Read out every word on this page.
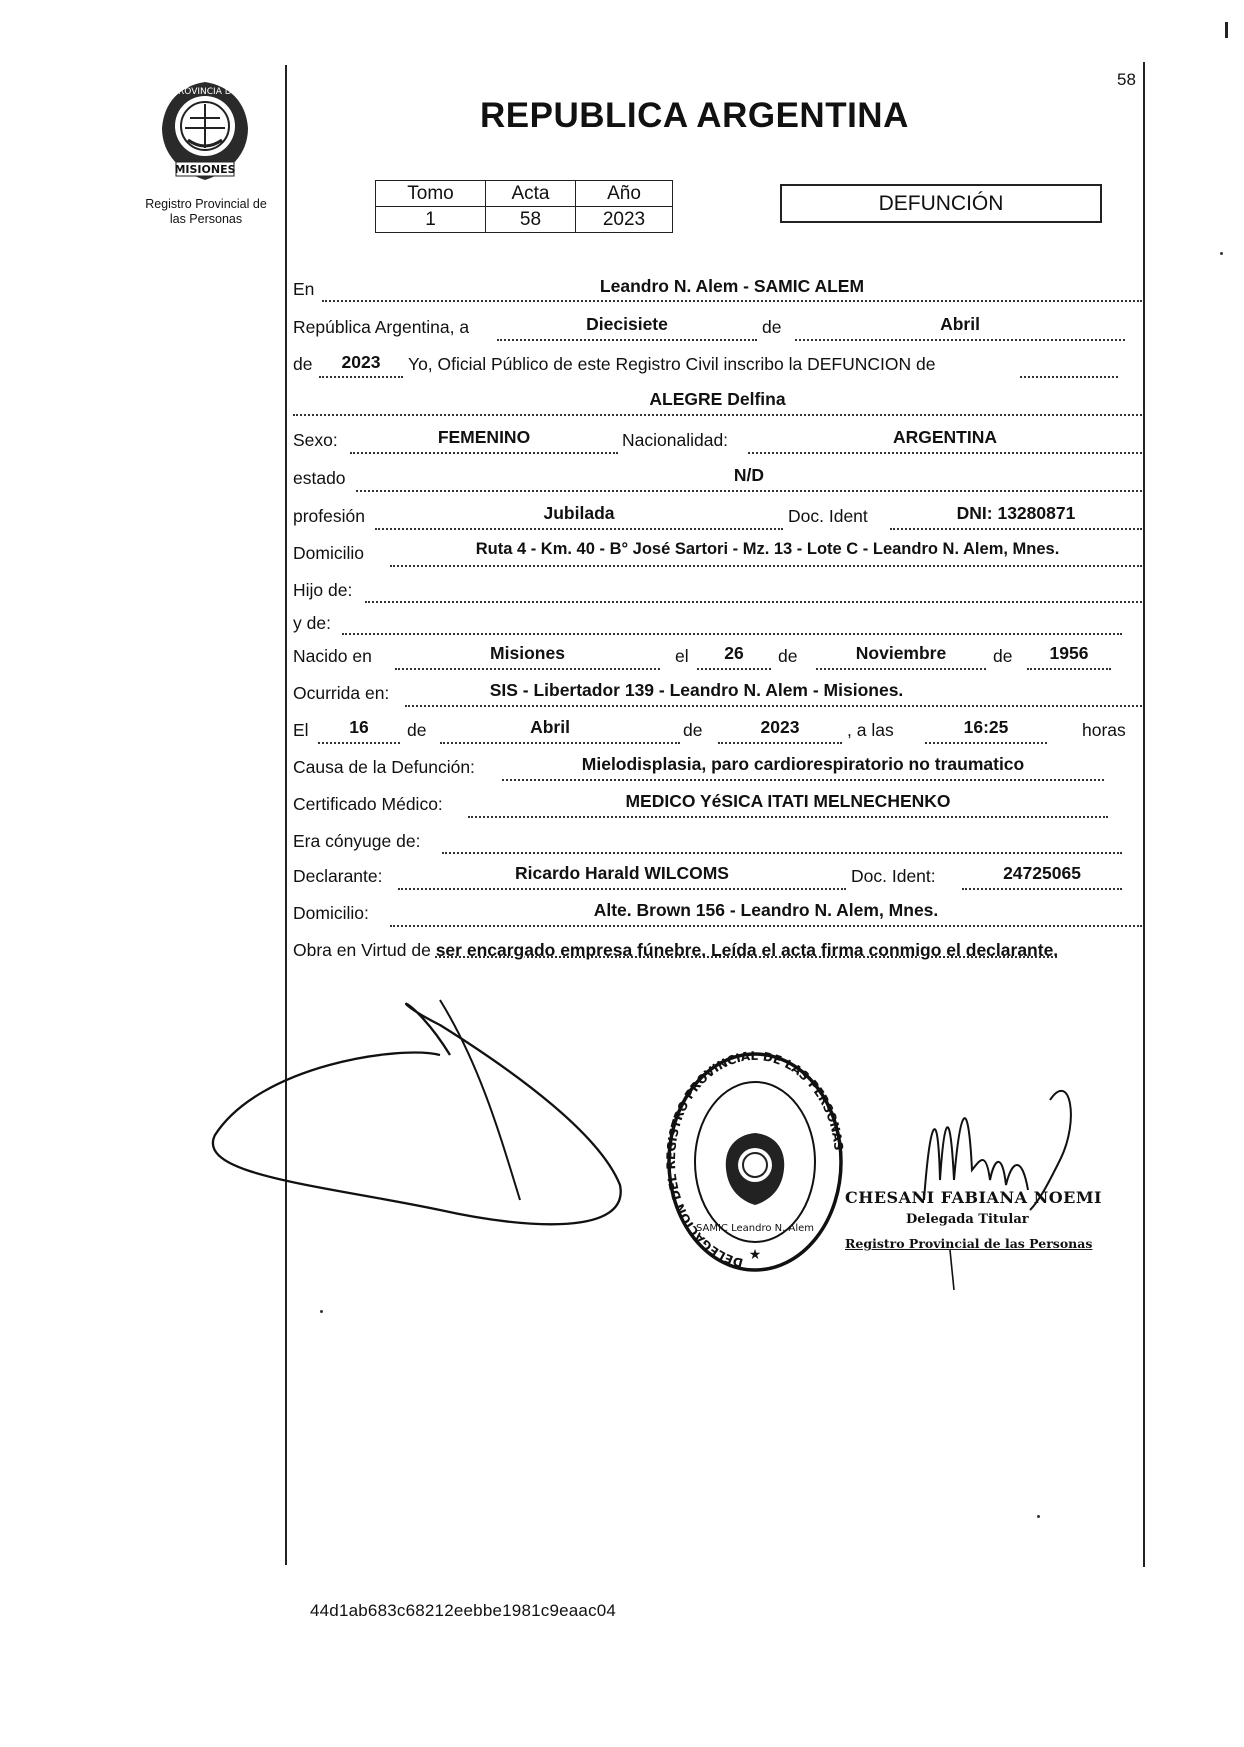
58
PROVINCIA DE
MISIONES
Registro Provincial de
las Personas
REPUBLICA ARGENTINA
Tomo	Acta	Año
1	58	2023
DEFUNCIÓN
En	Leandro N. Alem - SAMIC ALEM
República Argentina, a	Diecisiete	de	Abril
de	2023	Yo, Oficial Público de este Registro Civil inscribo la DEFUNCION de
ALEGRE Delfina
Sexo:	FEMENINO	Nacionalidad:	ARGENTINA
estado	N/D
profesión	Jubilada	Doc. Ident	DNI: 13280871
Domicilio	Ruta 4 - Km. 40 - B° José Sartori - Mz. 13 - Lote C - Leandro N. Alem, Mnes.
Hijo de:
y de:
Nacido en	Misiones	el	26	de	Noviembre	de	1956
Ocurrida en:	SIS - Libertador 139 - Leandro N. Alem - Misiones.
El	16	de	Abril	de	2023	, a las	16:25	horas
Causa de la Defunción:	Mielodisplasia, paro cardiorespiratorio no traumatico
Certificado Médico:	MEDICO YéSICA ITATI MELNECHENKO
Era cónyuge de:
Declarante:	Ricardo Harald WILCOMS	Doc. Ident:	24725065
Domicilio:	Alte. Brown 156 - Leandro N. Alem, Mnes.
Obra en Virtud de ser encargado empresa fúnebre. Leída el acta firma conmigo el declarante.
DELEGACION DEL REGISTRO PROVINCIAL DE LAS PERSONAS
SAMIC Leandro N. Alem
★
CHESANI FABIANA NOEMI
Delegada Titular
Registro Provincial de las Personas
44d1ab683c68212eebbe1981c9eaac04
